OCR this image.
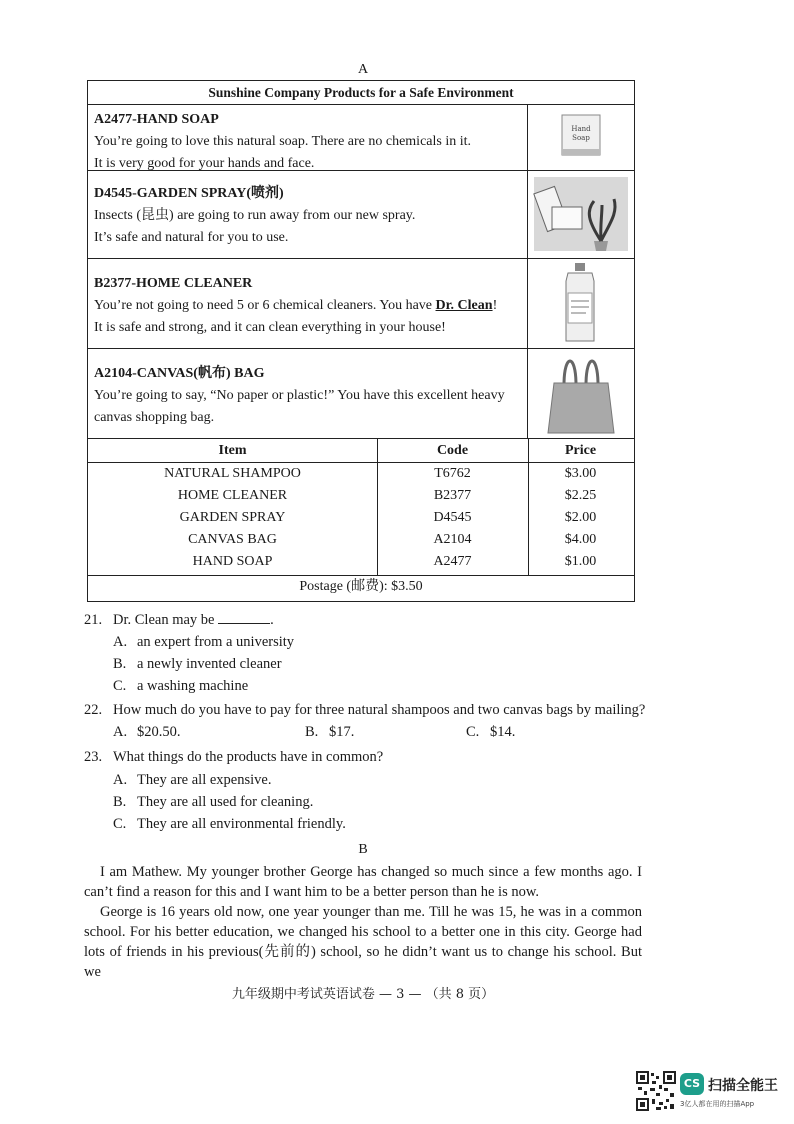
A
Sunshine Company Products for a Safe Environment
A2477-HAND SOAP
You’re going to love this natural soap. There are no chemicals in it.
It is very good for your hands and face.
Hand
Soap
D4545-GARDEN SPRAY(喷剂)
Insects (昆虫) are going to run away from our new spray.
It’s safe and natural for you to use.
B2377-HOME CLEANER
You’re not going to need 5 or 6 chemical cleaners. You have Dr. Clean!
It is safe and strong, and it can clean everything in your house!
A2104-CANVAS(帆布) BAG
You’re going to say, “No paper or plastic!” You have this excellent heavy
canvas shopping bag.
Item	Code	Price
NATURAL SHAMPOO	T6762	$3.00
HOME CLEANER	B2377	$2.25
GARDEN SPRAY	D4545	$2.00
CANVAS BAG	A2104	$4.00
HAND SOAP	A2477	$1.00
Postage (邮费): $3.50
21. Dr. Clean may be	.
A. an expert from a university
B. a newly invented cleaner
C. a washing machine
22. How much do you have to pay for three natural shampoos and two canvas bags by mailing?
A. $20.50.	B. $17.	C. $14.
23. What things do the products have in common?
A. They are all expensive.
B. They are all used for cleaning.
C. They are all environmental friendly.
B
I am Mathew. My younger brother George has changed so much since a few months ago. I can’t find a reason for this and I want him to be a better person than he is now.
George is 16 years old now, one year younger than me. Till he was 15, he was in a common school. For his better education, we changed his school to a better one in this city. George had lots of friends in his previous(先前的) school, so he didn’t want us to change his school. But we
九年级期中考试英语试卷 — 3 — （共 8 页）
CS 扫描全能王
3亿人都在用的扫描App
